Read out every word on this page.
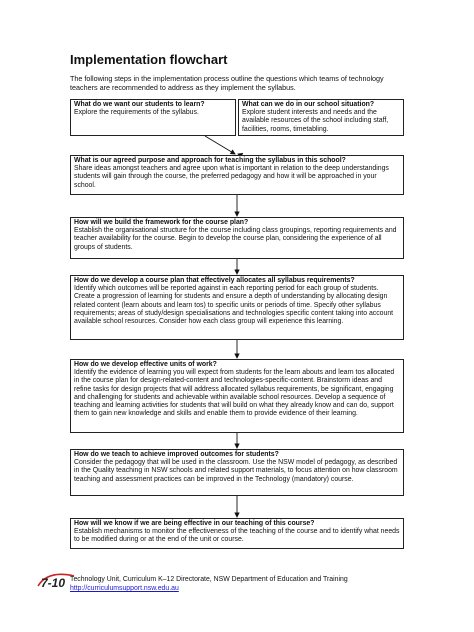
Implementation flowchart
The following steps in the implementation process outline the questions which teams of technology teachers are recommended to address as they implement the syllabus.
What do we want our students to learn?
Explore the requirements of the syllabus.
What can we do in our school situation?
Explore student interests and needs and the available resources of the school including staff, facilities, rooms, timetabling.
What is our agreed purpose and approach for teaching the syllabus in this school?
Share ideas amongst teachers and agree upon what is important in relation to the deep understandings students will gain through the course, the preferred pedagogy and how it will be approached in your school.
How will we build the framework for the course plan?
Establish the organisational structure for the course including class groupings, reporting requirements and teacher availability for the course. Begin to develop the course plan, considering the experience of all groups of students.
How do we develop a course plan that effectively allocates all syllabus requirements?
Identify which outcomes will be reported against in each reporting period for each group of students. Create a progression of learning for students and ensure a depth of understanding by allocating design related content (learn abouts and learn tos) to specific units or periods of time. Specify other syllabus requirements; areas of study/design specialisations and technologies specific content taking into account available school resources. Consider how each class group will experience this learning.
How do we develop effective units of work?
Identify the evidence of learning you will expect from students for the learn abouts and learn tos allocated in the course plan for design-related-content and technologies-specific-content. Brainstorm ideas and refine tasks for design projects that will address allocated syllabus requirements, be significant, engaging and challenging for students and achievable within available school resources. Develop a sequence of teaching and learning activities for students that will build on what they already know and can do, support them to gain new knowledge and skills and enable them to provide evidence of their learning.
How do we teach to achieve improved outcomes for students?
Consider the pedagogy that will be used in the classroom. Use the NSW model of pedagogy, as described in the Quality teaching in NSW schools and related support materials, to focus attention on how classroom teaching and assessment practices can be improved in the Technology (mandatory) course.
How will we know if we are being effective in our teaching of this course?
Establish mechanisms to monitor the effectiveness of the teaching of the course and to identify what needs to be modified during or at the end of the unit or course.
7-10 Technology Unit, Curriculum K–12 Directorate, NSW Department of Education and Training
http://curriculumsupport.nsw.edu.au
